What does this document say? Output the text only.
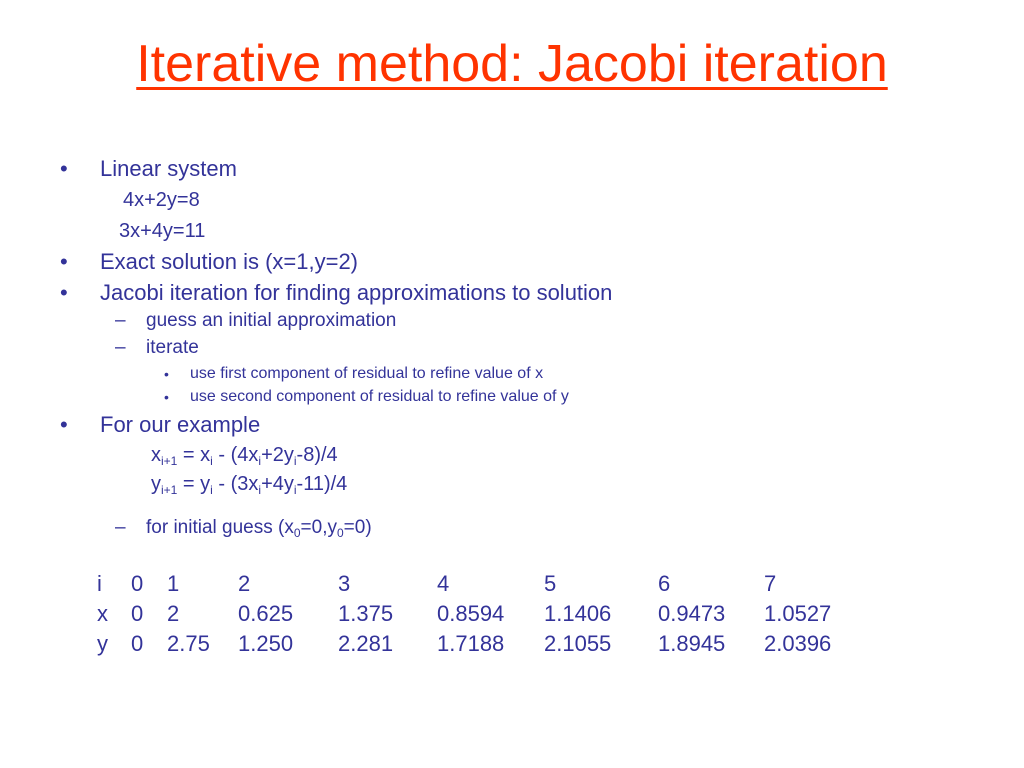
Iterative method: Jacobi iteration
• Linear system
4x+2y=8
3x+4y=11
• Exact solution is (x=1,y=2)
• Jacobi iteration for finding approximations to solution
– guess an initial approximation
– iterate
• use first component of residual to refine value of x
• use second component of residual to refine value of y
• For our example
$x_{i+1} = x_i - (4x_i+2y_i-8)/4$
$y_{i+1} = y_i - (3x_i+4y_i-11)/4$
– for initial guess $(x_0=0,y_0=0)$
i 0 1	2	3	4	5	6	7
x 0 2	0.625 1.375 0.8594 1.1406 0.9473 1.0527
y 0 2.75 1.250 2.281 1.7188 2.1055 1.8945 2.0396
